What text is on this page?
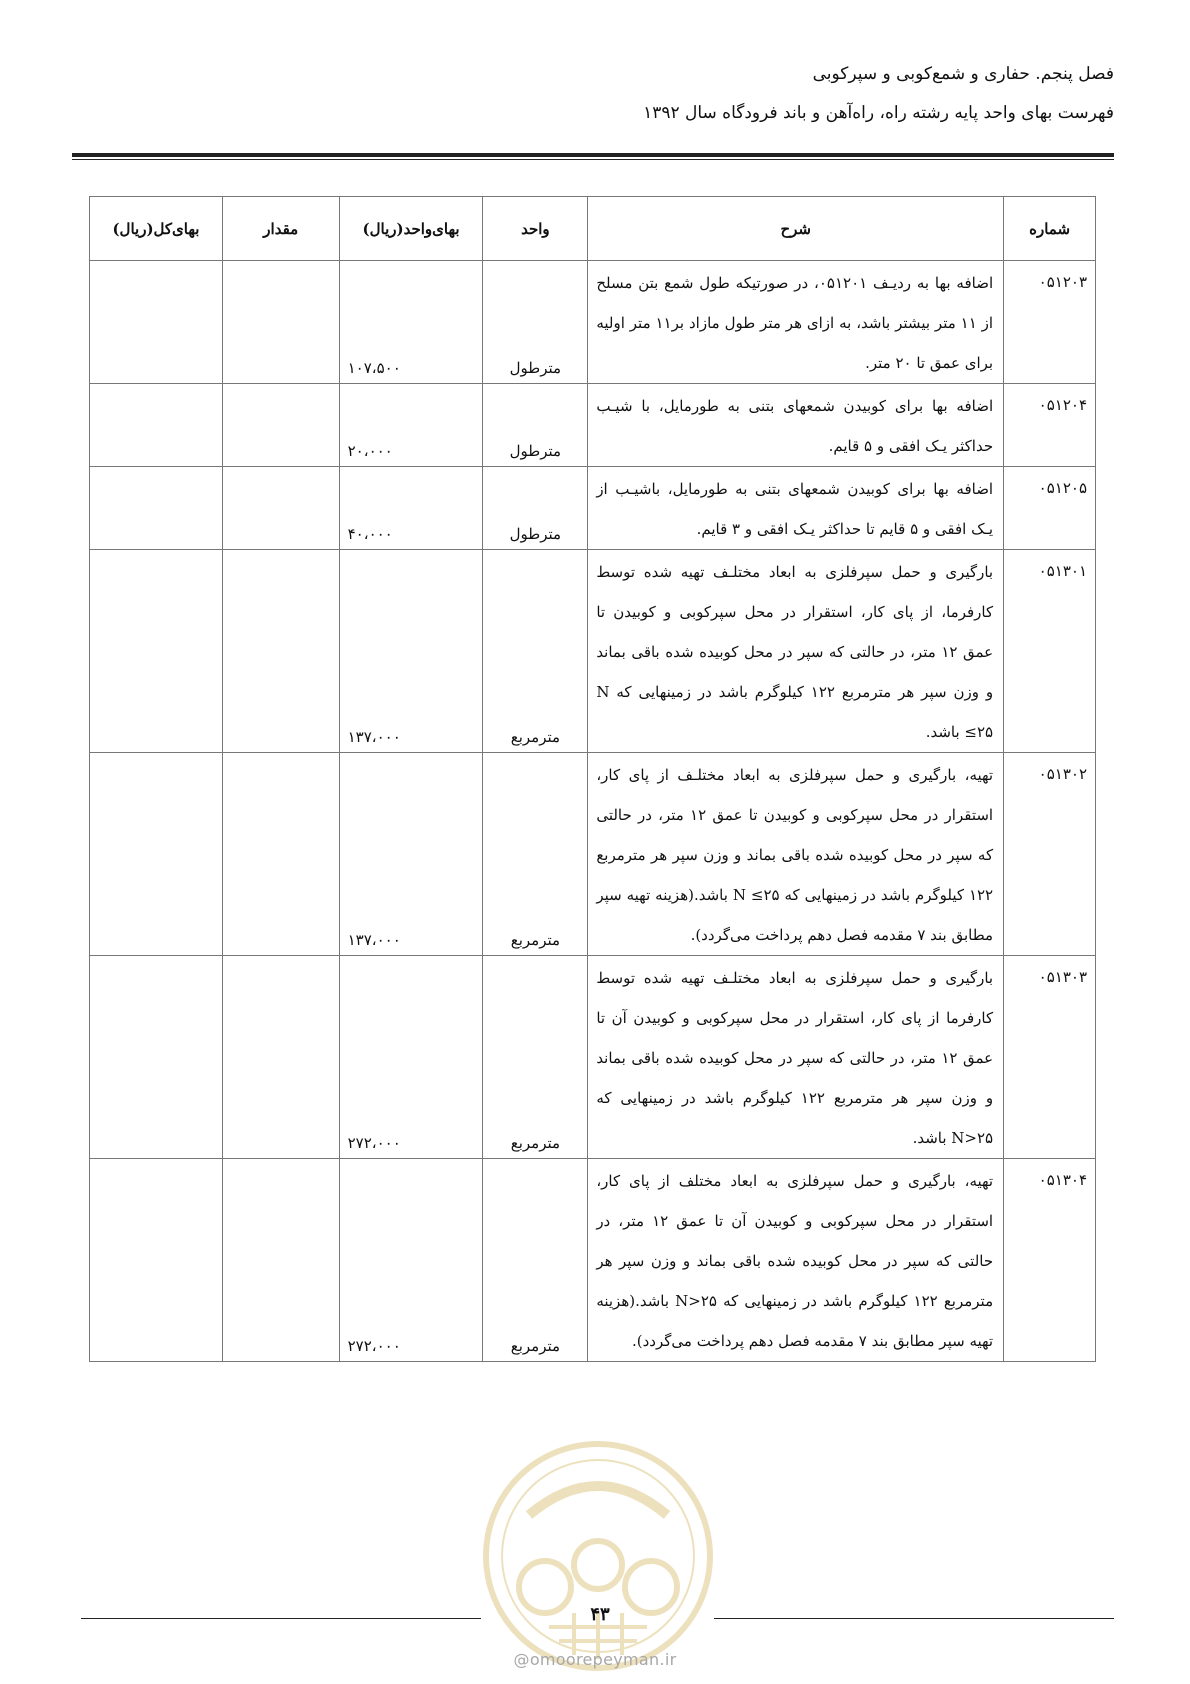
فصل پنجم. حفاری و شمع‌کوبی و سپرکوبی
فهرست بهای واحد پایه رشته راه، راه‌آهن و باند فرودگاه سال ۱۳۹۲
شماره	شرح	واحد	بهای‌واحد(ریال)	مقدار	بهای‌کل(ریال)
۰۵۱۲۰۳	اضافه بها به ردیـف ۰۵۱۲۰۱، در صورتیکه طول شمع بتن مسلح از ۱۱ متر بیشتر باشد، به ازای هر متر طول مازاد بر۱۱ متر اولیه برای عمق تا ۲۰ متر.	مترطول	۱۰۷،۵۰۰		
۰۵۱۲۰۴	اضافه بها برای کوبیدن شمعهای بتنی به طورمایل، با شیـب حداکثر یـک افقی و ۵ قایم.	مترطول	۲۰،۰۰۰		
۰۵۱۲۰۵	اضافه بها برای کوبیدن شمعهای بتنی به طورمایل، باشیـب از یـک افقی و ۵ قایم تا حداکثر یـک افقی و ۳ قایم.	مترطول	۴۰،۰۰۰		
۰۵۱۳۰۱	بارگیری و حمل سپرفلزی به ابعاد مختلـف تهیه شده توسط کارفرما، از پای کار، استقرار در محل سپرکوبی و کوبیدن تا عمق ۱۲ متر، در حالتی که سپر در محل کوبیده شده باقی بماند و وزن سپر هر مترمربع ۱۲۲ کیلوگرم باشد در زمینهایی که N ≤۲۵ باشد.	مترمربع	۱۳۷،۰۰۰		
۰۵۱۳۰۲	تهیه، بارگیری و حمل سپرفلزی به ابعاد مختلـف از پای کار، استقرار در محل سپرکوبی و کوبیدن تا عمق ۱۲ متر، در حالتی که سپر در محل کوبیده شده باقی بماند و وزن سپر هر مترمربع ۱۲۲ کیلوگرم باشد در زمینهایی که N ≤۲۵ باشد.(هزینه تهیه سپر مطابق بند ۷ مقدمه فصل دهم پرداخت می‌گردد).	مترمربع	۱۳۷،۰۰۰		
۰۵۱۳۰۳	بارگیری و حمل سپرفلزی به ابعاد مختلـف تهیه شده توسط کارفرما از پای کار، استقرار در محل سپرکوبی و کوبیدن آن تا عمق ۱۲ متر، در حالتی که سپر در محل کوبیده شده باقی بماند و وزن سپر هر مترمربع ۱۲۲ کیلوگرم باشد در زمینهایی که N>۲۵ باشد.	مترمربع	۲۷۲،۰۰۰		
۰۵۱۳۰۴	تهیه، بارگیری و حمل سپرفلزی به ابعاد مختلف از پای کار، استقرار در محل سپرکوبی و کوبیدن آن تا عمق ۱۲ متر، در حالتی که سپر در محل کوبیده شده باقی بماند و وزن سپر هر مترمربع ۱۲۲ کیلوگرم باشد در زمینهایی که N>۲۵ باشد.(هزینه تهیه سپر مطابق بند ۷ مقدمه فصل دهم پرداخت می‌گردد).	مترمربع	۲۷۲،۰۰۰		
۴۳
@omoorepeyman.ir
